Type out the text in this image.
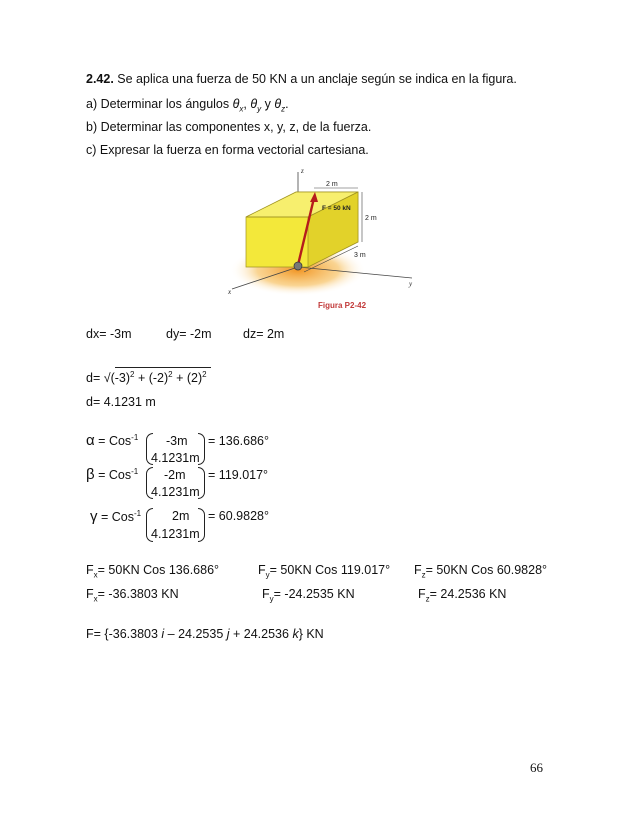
2.42. Se aplica una fuerza de 50 KN a un anclaje según se indica en la figura.
a) Determinar los ángulos $\theta_x$, $\theta_y$ y $\theta_z$.
b) Determinar las componentes x, y, z, de la fuerza.
c) Expresar la fuerza en forma vectorial cartesiana.
2 m
2 m
3 m
F = 50 kN
z
x
y
Figura P2-42
dx= -3m	dy= -2m	dz= 2m
$d= √(-3)^2 + (-2)^2 + (2)^2$
d= 4.1231 m
α = Cos$^{-1}$ -3m
4.1231m
= 136.686°
β = Cos$^{-1}$ -2m
4.1231m
= 119.017°
γ = Cos$^{-1}$ 2m
4.1231m
= 60.9828°
$F_x= 50KN$ Cos 136.686°	$F_y= 50KN$ Cos 119.017° $F_z= 50KN$ Cos 60.9828°
$F_x= -36.3803$ KN	$F_y= -24.2535$ KN	$F_z= 24.2536$ KN
F= {-36.3803 i – 24.2535 j + 24.2536 k} KN
66
